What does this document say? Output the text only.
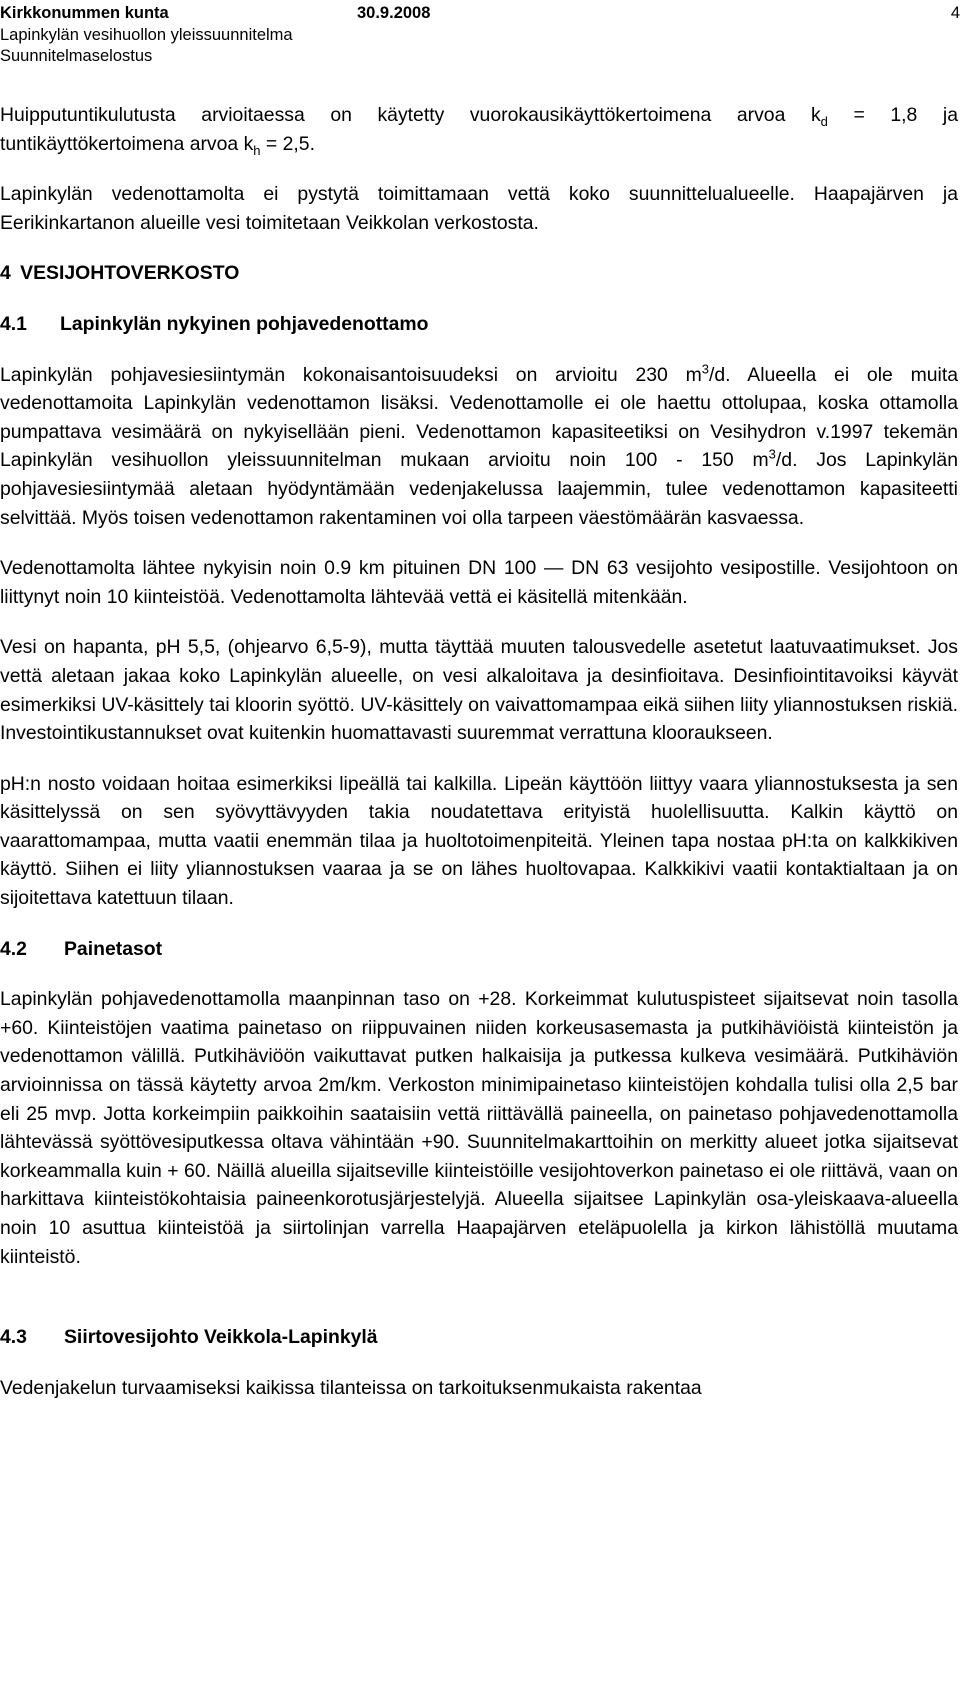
Kirkkonummen kunta	30.9.2008	4
Lapinkylän vesihuollon yleissuunnitelma
Suunnitelmaselostus

Huipputuntikulutusta arvioitaessa on käytetty vuorokausikäyttökertoimena arvoa $k_d = 1,8$ ja tuntikäyttökertoimena arvoa $k_h = 2,5$.

Lapinkylän vedenottamolta ei pystytä toimittamaan vettä koko suunnittelualueelle. Haapajärven ja Eerikinkartanon alueille vesi toimitetaan Veikkolan verkostosta.

4 VESIJOHTOVERKOSTO
4.1 Lapinkylän nykyinen pohjavedenottamo

Lapinkylän pohjavesiesiintymän kokonaisantoisuudeksi on arvioitu 230 $m^3/d$. Alueella ei ole muita vedenottamoita Lapinkylän vedenottamon lisäksi. Vedenottamolle ei ole haettu ottolupaa, koska ottamolla pumpattava vesimäärä on nykyisellään pieni. Vedenottamon kapasiteetiksi on Vesihydron v.1997 tekemän Lapinkylän vesihuollon yleissuunnitelman mukaan arvioitu noin 100 - 150 $m^3/d$. Jos Lapinkylän pohjavesiesiintymää aletaan hyödyntämään vedenjakelussa laajemmin, tulee vedenottamon kapasiteetti selvittää. Myös toisen vedenottamon rakentaminen voi olla tarpeen väestömäärän kasvaessa.

Vedenottamolta lähtee nykyisin noin 0.9 km pituinen DN 100 — DN 63 vesijohto vesipostille. Vesijohtoon on liittynyt noin 10 kiinteistöä. Vedenottamolta lähtevää vettä ei käsitellä mitenkään.

Vesi on hapanta, pH 5,5, (ohjearvo 6,5-9), mutta täyttää muuten talousvedelle asetetut laatuvaatimukset. Jos vettä aletaan jakaa koko Lapinkylän alueelle, on vesi alkaloitava ja desinfioitava. Desinfiointitavoiksi käyvät esimerkiksi UV-käsittely tai kloorin syöttö. UV-käsittely on vaivattomampaa eikä siihen liity yliannostuksen riskiä. Investointikustannukset ovat kuitenkin huomattavasti suuremmat verrattuna klooraukseen.

pH:n nosto voidaan hoitaa esimerkiksi lipeällä tai kalkilla. Lipeän käyttöön liittyy vaara yliannostuksesta ja sen käsittelyssä on sen syövyttävyyden takia noudatettava erityistä huolellisuutta. Kalkin käyttö on vaarattomampaa, mutta vaatii enemmän tilaa ja huoltotoimenpiteitä. Yleinen tapa nostaa pH:ta on kalkkikiven käyttö. Siihen ei liity yliannostuksen vaaraa ja se on lähes huoltovapaa. Kalkkikivi vaatii kontaktialtaan ja on sijoitettava katettuun tilaan.

4.2 Painetasot

Lapinkylän pohjavedenottamolla maanpinnan taso on +28. Korkeimmat kulutuspisteet sijaitsevat noin tasolla +60. Kiinteistöjen vaatima painetaso on riippuvainen niiden korkeusasemasta ja putkihäviöistä kiinteistön ja vedenottamon välillä. Putkihäviöön vaikuttavat putken halkaisija ja putkessa kulkeva vesimäärä. Putkihäviön arvioinnissa on tässä käytetty arvoa 2m/km. Verkoston minimipainetaso kiinteistöjen kohdalla tulisi olla 2,5 bar eli 25 mvp. Jotta korkeimpiin paikkoihin saataisiin vettä riittävällä paineella, on painetaso pohjavedenottamolla lähtevässä syöttövesiputkessa oltava vähintään +90. Suunnitelmakarttoihin on merkitty alueet jotka sijaitsevat korkeammalla kuin + 60. Näillä alueilla sijaitseville kiinteistöille vesijohtoverkon painetaso ei ole riittävä, vaan on harkittava kiinteistökohtaisia paineenkorotusjärjestelyjä. Alueella sijaitsee Lapinkylän osa-yleiskaava-alueella noin 10 asuttua kiinteistöä ja siirtolinjan varrella Haapajärven eteläpuolella ja kirkon lähistöllä muutama kiinteistö.

4.3 Siirtovesijohto Veikkola-Lapinkylä

Vedenjakelun turvaamiseksi kaikissa tilanteissa on tarkoituksenmukaista rakentaa
